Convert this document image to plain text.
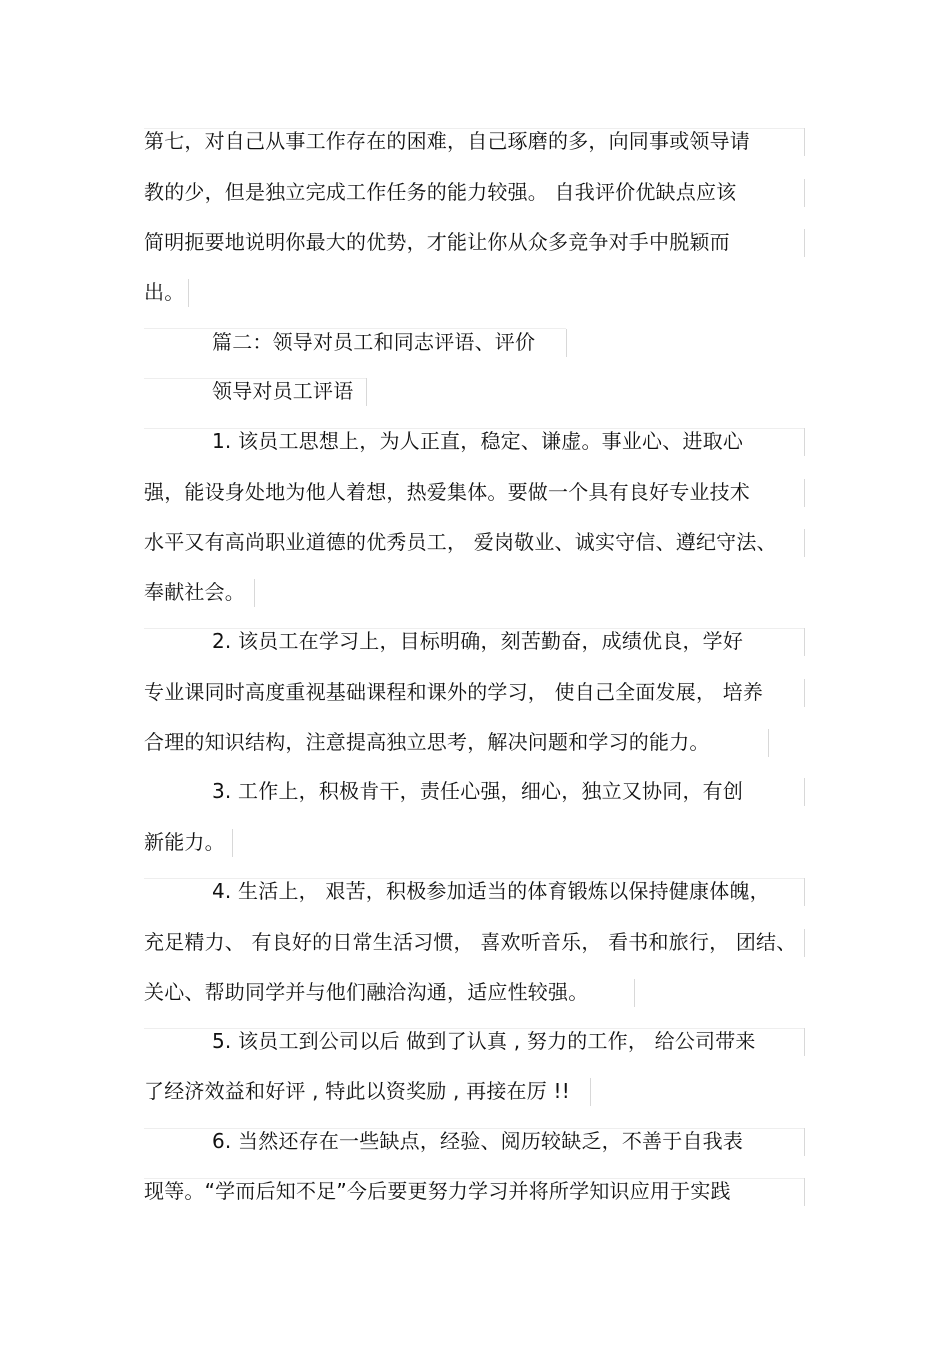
第七，对自己从事工作存在的困难，自己琢磨的多，向同事或领导请
教的少，但是独立完成工作任务的能力较强。 自我评价优缺点应该
简明扼要地说明你最大的优势，才能让你从众多竞争对手中脱颖而
出。
篇二：领导对员工和同志评语、评价
领导对员工评语
1. 该员工思想上，为人正直，稳定、谦虚。事业心、进取心
强，能设身处地为他人着想，热爱集体。要做一个具有良好专业技术
水平又有高尚职业道德的优秀员工， 爱岗敬业、诚实守信、遵纪守法、
奉献社会。
2. 该员工在学习上，目标明确，刻苦勤奋，成绩优良，学好
专业课同时高度重视基础课程和课外的学习， 使自己全面发展， 培养
合理的知识结构，注意提高独立思考，解决问题和学习的能力。
3. 工作上，积极肯干，责任心强，细心，独立又协同，有创
新能力。
4. 生活上， 艰苦，积极参加适当的体育锻炼以保持健康体魄，
充足精力、 有良好的日常生活习惯， 喜欢听音乐， 看书和旅行， 团结、
关心、帮助同学并与他们融洽沟通，适应性较强。
5. 该员工到公司以后 做到了认真 , 努力的工作， 给公司带来
了经济效益和好评 , 特此以资奖励 , 再接在厉 !!
6. 当然还存在一些缺点，经验、阅历较缺乏，不善于自我表
现等。“学而后知不足”今后要更努力学习并将所学知识应用于实践
